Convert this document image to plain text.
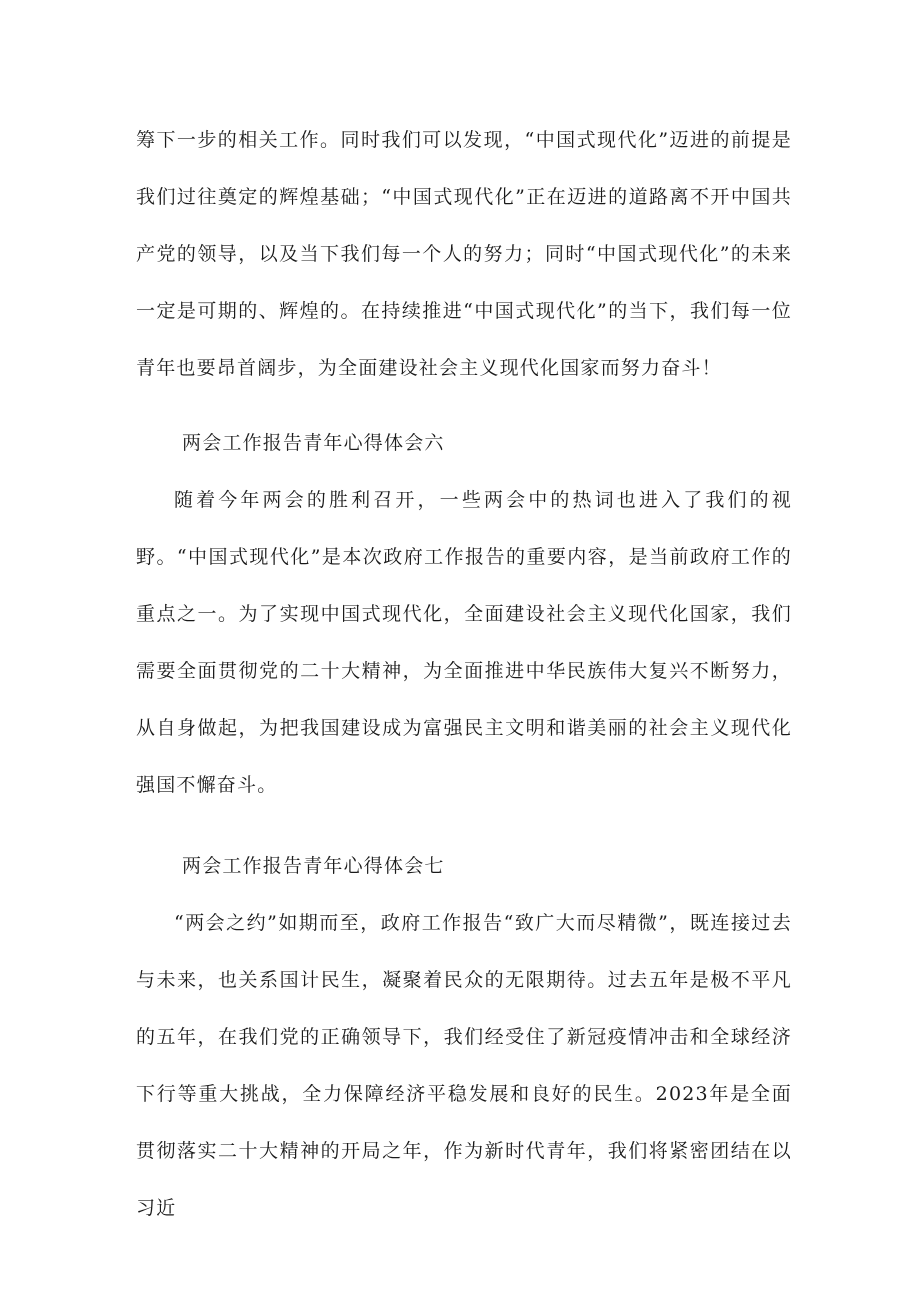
筹下一步的相关工作。同时我们可以发现，“中国式现代化”迈进的前提是我们过往奠定的辉煌基础；“中国式现代化”正在迈进的道路离不开中国共产党的领导，以及当下我们每一个人的努力；同时“中国式现代化”的未来一定是可期的、辉煌的。在持续推进“中国式现代化”的当下，我们每一位青年也要昂首阔步，为全面建设社会主义现代化国家而努力奋斗！

两会工作报告青年心得体会六

随着今年两会的胜利召开，一些两会中的热词也进入了我们的视野。“中国式现代化”是本次政府工作报告的重要内容，是当前政府工作的重点之一。为了实现中国式现代化，全面建设社会主义现代化国家，我们需要全面贯彻党的二十大精神，为全面推进中华民族伟大复兴不断努力，从自身做起，为把我国建设成为富强民主文明和谐美丽的社会主义现代化强国不懈奋斗。

两会工作报告青年心得体会七

“两会之约”如期而至，政府工作报告“致广大而尽精微”，既连接过去与未来，也关系国计民生，凝聚着民众的无限期待。过去五年是极不平凡的五年，在我们党的正确领导下，我们经受住了新冠疫情冲击和全球经济下行等重大挑战，全力保障经济平稳发展和良好的民生。2023年是全面贯彻落实二十大精神的开局之年，作为新时代青年，我们将紧密团结在以习近
